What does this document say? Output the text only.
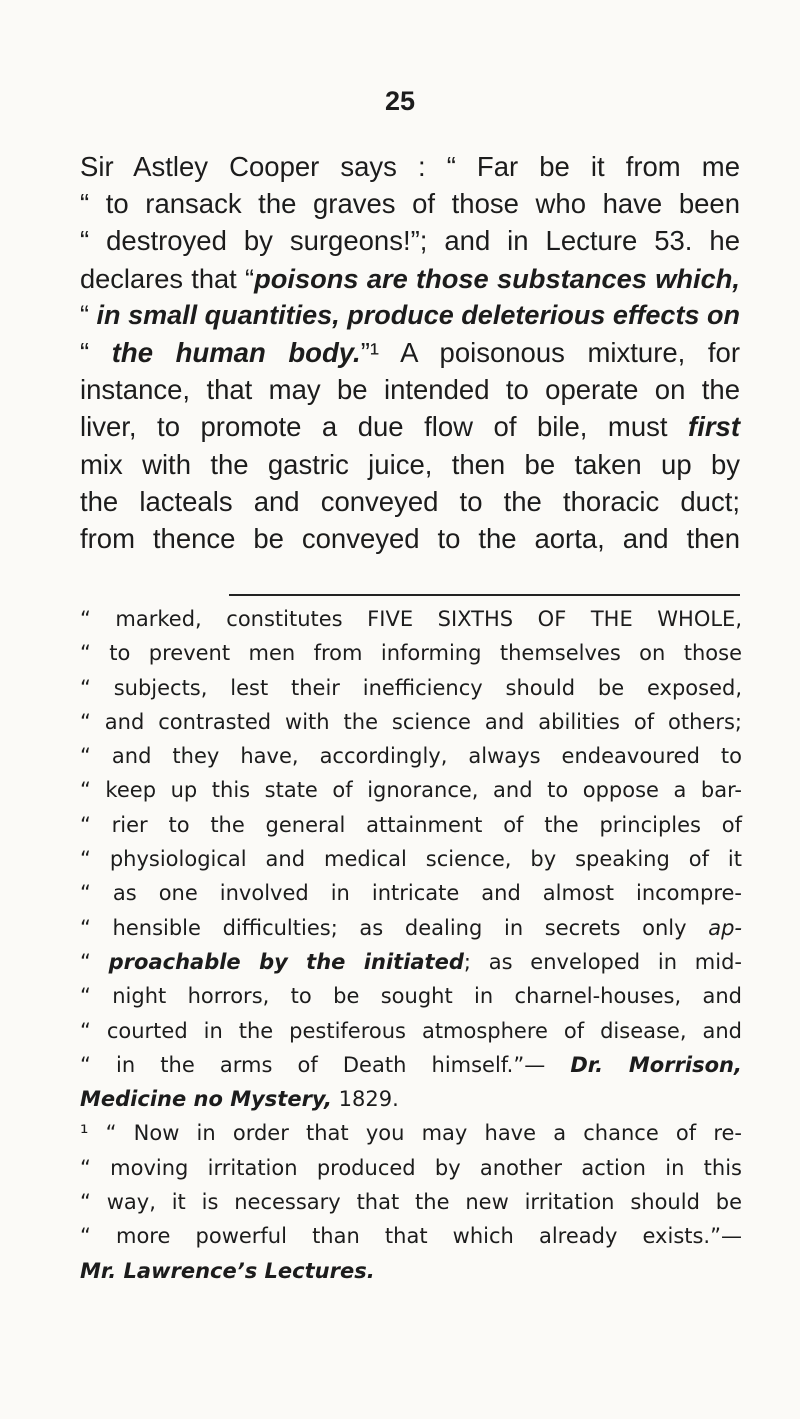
25
Sir Astley Cooper says : “ Far be it from me
“ to ransack the graves of those who have been
“ destroyed by surgeons!”; and in Lecture 53. he
declares that “poisons are those substances which,
“ in small quantities, produce deleterious effects on
“ the human body.”¹ A poisonous mixture, for
instance, that may be intended to operate on the
liver, to promote a due flow of bile, must first
mix with the gastric juice, then be taken up by
the lacteals and conveyed to the thoracic duct;
from thence be conveyed to the aorta, and then
“ marked, constitutes FIVE SIXTHS OF THE WHOLE,
“ to prevent men from informing themselves on those
“ subjects, lest their inefficiency should be exposed,
“ and contrasted with the science and abilities of others;
“ and they have, accordingly, always endeavoured to
“ keep up this state of ignorance, and to oppose a bar-
“ rier to the general attainment of the principles of
“ physiological and medical science, by speaking of it
“ as one involved in intricate and almost incompre-
“ hensible difficulties; as dealing in secrets only ap-
“ proachable by the initiated; as enveloped in mid-
“ night horrors, to be sought in charnel-houses, and
“ courted in the pestiferous atmosphere of disease, and
“ in the arms of Death himself.”— Dr. Morrison,
Medicine no Mystery, 1829.
¹ “ Now in order that you may have a chance of re-
“ moving irritation produced by another action in this
“ way, it is necessary that the new irritation should be
“ more powerful than that which already exists.”—
Mr. Lawrence’s Lectures.
